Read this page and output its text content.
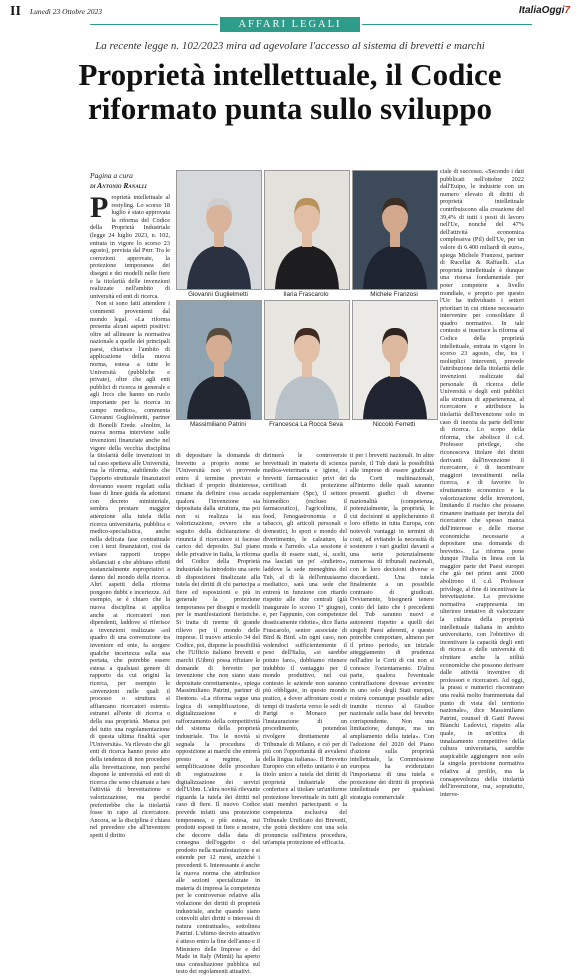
II Lunedì 23 Ottobre 2023	ItaliaOggi7
AFFARI LEGALI
La recente legge n. 102/2023 mira ad agevolare l'accesso al sistema di brevetti e marchi
Proprietà intellettuale, il Codice
riformato punta sullo sviluppo
Pagina a cura
di Antonio Ranalli

Proprietà intellettuale al restyling. Lo scorso 18 luglio è stato approvata la riforma del Codice della Proprietà Industriale (legge 24 luglio 2023, n. 102, entrata in vigore lo scorso 23 agosto), prevista dal Pnrr. Tra le correzioni approvate, la protezione temporanea dei disegni e dei modelli nelle fiere e la titolarità delle invenzioni realizzate nell'ambito di università ed enti di ricerca.

Non si sono fatti attendere i commenti provenienti dal mondo legal. «La riforma presenta alcuni aspetti positivi: oltre ad allineare la normativa nazionale a quelle dei principali paesi, chiarisce l'ambito di applicazione della nuova norma, estesa a tutte le Università (pubbliche e private), oltre che agli enti pubblici di ricerca in generale e agli Irccs che hanno un ruolo importante per la ricerca in campo medico», commenta Giovanni Guglielmetti, partner di Bonelli Erede. «Inoltre, la nuova norma interviene sulle invenzioni finanziate anche nel vigore della vecchia disciplina la titolarità delle invenzioni in tal caso spettava alle Università, ma la riforma, stabilendo che l'apporto strutturale finanziatori dovranno essere regolati sulla base di linee guida da adottarsi con decreto ministeriale, sembra prestare maggior attenzione alla tutela della ricerca universitaria, pubblica e medico-specialistica, anche nella delicata fase contrattuale con i terzi finanziatori, così da evitare rapporti troppo sbilanciati e che abbiano effetti sostanzialmente espropriativi a danno del mondo della ricerca. Altri aspetti della riforma pongono dubbi e incertezze. Ad esempio, se è chiaro che la nuova disciplina si applica anche ai ricercatori non dipendenti, laddove si riferisce a invenzioni realizzate «ed quadro di una convenzione tra inventore ed ente, fa sorgere qualche incertezza sulla sua portata, che potrebbe essere estesa a qualsiasi genere di rapporto da cui origini la ricerca, per esempio le «invenzioni nelle quali il processo o struttura si affiancano ricercatori esterni» estranei all'ente di ricerca o della sua proprietà. Manca poi del tutto una regolamentazione di questa ultima finalità «per l'Università». Va rilevato che gli enti di ricerca hanno preso atto della tendenza di non procedere alla brevettazione, non perché dispone le università ed enti di ricerca che sono chiamate a fare l'attività di brevettazione e valorizzazione, ma perché preferirebbe che la titolarità fosse in capo al ricercatore. Ancora, se la disciplina è chiara nel prevedere che all'inventore spetti il diritto

Giovanni Guglielmetti	Ilaria Frascarolo	Michele Franzosi
Massimiliano Patrini	Francesca La Rocca Seva	Niccolò Ferretti
di depositare la domanda di brevetto a proprio nome se l'Università non vi provvede entro il termine previsto e dichiari il proprio disinteresse, rimane da definire cosa accada qualora l'invenzione sia depositata dalla struttura, ma poi non si realizza la sua valorizzazione, ovvero che a seguito della dichiarazione di rinuncia il ricercatore si facesse carico del deposito. Sul piano delle privative in Italia, la riforma del Codice della Proprietà Industriale ha introdotto una serie di disposizioni finalizzate alla tutela dei diritti di chi partecipa a fiere ed esposizioni e più in generale la protezione temporanea per disegni e modelli per le manifestazioni fieristiche. Si tratta di norme di grande rilievo per il mondo delle imprese. Il nuovo articolo 34 del Codice, poi, dispone la possibilità che l'Ufficio italiano brevetti e marchi (Uibm) possa rifiutare le domande di brevetto per invenzione che non siano state depositate correttamente», spiega Massimiliano Patrini, partner di Dentons. «La riforma segue una logica di semplificazione, di digitalizzazione e di rafforzamento della competitività del sistema della proprietà industriale. Tra le novità si segnala la procedura di opposizione ai marchi che entrerà presto a regime, la semplificazione delle procedure di registrazione e la digitalizzazione dei servizi dell'Uibm. L'altra novità rilevante riguarda la tutela dei diritti nel caso di fiere. Il nuovo Codice prevede infatti una protezione temporanea, e più estesa, sui prodotti esposti in fiere e mostre, che decorre dalla data di consegna dell'oggetto o del prodotto nella manifestazione e si estende per 12 mesi, anziché i precedenti 6. Interessante è anche la nuova norma che attribuisce alle sezioni specializzate in materia di impresa la competenza per le controversie relative alla violazione dei diritti di proprietà industriale, anche quando siano coinvolti altri diritti o interessi di natura contrattuale», sottolinea Patrini. L'ultimo decreto attuativo è atteso entro la fine dell'anno e il Ministero delle Imprese e del Made in Italy (Mimit) ha aperto una consultazione pubblica sul testo dei regolamenti attuativi.
dirimerà le controversie brevettuali in materia di scienza medica-veterinaria e igiene, i brevetti farmaceutici privi dei certificati di protezione supplementare (Spc), il settore biomedico (escluso il farmaceutico), l'agricoltura, il food, l'enogastronomia e il tabacco, gli articoli personali e domestici, lo sport e mondo del divertimento, le calzature, la moda e l'arredo. «La sessione è quella di essere stati, sì, scelti, ma lasciati un po' «indietro», laddove la sede meneghina del Tub, al di là dell'entusiasmo mediatico, sarà una sede che entrerà in funzione con ritardo rispetto alle due centrali (già inaugurate lo scorso 1° giugno), e, per l'appunto, con competenze drasticamente ridotte», dice Ilaria Frascarolo, senior associate di Bird & Bird. «In ogni caso, non vedendoci sufficientemente il peso dell'Italia, «si sarebbe potuto fare», dobbiamo ritenere indubbio il vantaggio per il mondo produttivo, nel cui contesto le aziende non saranno più obbligate, in questo mondo pratico, a dover affrontare costi e tempi di trasferta verso le sedi di Parigi o Monaco per l'instaurazione di un procedimento, potendosi rivolgere direttamente al Tribunale di Milano, e ciò per di più con l'opportunità di avvalersi della lingua italiana». Il Brevetto Europeo con effetto unitario è un titolo unico a tutela dei diritti di proprietà industriale che conferisce al titolare un'uniforme protezione brevettuale in tutti gli stati membri partecipanti e la competenza esclusiva del Tribunale Unificato dei Brevetti, che potrà decidere con una sola pronuncia sull'intera procedura, un'ampia protezione ed efficacia.
ti per i brevetti nazionali. In altre parole, il Tub darà la possibilità alle imprese di essere giudicate da Corti multinazionali, all'interno delle quali saranno presenti giudici di diverse nazionalità (competenza, potenzialmente, la proprietà, le cui decisioni si applicheranno il loro effetto in tutta Europa, con notevoli vantaggi in termini di costi, ed evitando la necessità di sostenere i vari giudizi davanti a una serie potenzialmente numerosa di tribunali nazionali, con le loro decisioni diverse e discordanti. Una tutela finalmente a un possibile contrasto di giudicati. Ovviamente, bisognerà tenere conto del fatto che i precedenti del Tub saranno nuovi e autonomi rispetto a quelli dei singoli Paesi aderenti, e questo potrebbe comportare, almeno per il primo periodo, un iniziale atteggiamento di prudenza nell'adire le Corti di cui non si conosce l'orientamento. D'altra parte, qualora l'eventuale contraffazione dovesse avvenire in uno solo degli Stati europei, resterà comunque possibile adire tramite ricorso al Giudice nazionale sulla base del brevetto corrispondente. Non una limitazione, dunque, ma un ampliamento della tutela». Con l'adozione del 2020 del Piano d'azione sulla proprietà intellettuale, la Commissione europea ha evidenziato l'importanza di una tutela e protezione dei diritti di proprietà intellettuale per qualsiasi strategia commerciale
ciale di successo. «Secondo i dati pubblicati nell'ottobre 2022 dall'Euipo, le industrie con un numero elevato di diritti di proprietà intellettuale contribuiscono alla creazione del 39,4% di tutti i posti di lavoro nell'Ue, nonché del 47% dell'attività economica complessiva (Pil) dell'Ue, per un valore di 6.400 miliardi di euro», spiega Michele Franzosi, partner di Rucellai & Raffaelli. «La proprietà intellettuale è dunque una risorsa fondamentale per poter competere a livello mondiale, e proprio per questo l'Ue ha individuato i settori prioritari in cui ritiene necessario intervenire per consolidare il quadro normativo. In tale contesto si inserisce la riforma al Codice della proprietà intellettuale, entrata in vigore lo scorso 23 agosto, che, tra i molteplici interventi, prevede l'attribuzione della titolarità delle invenzioni realizzate dal personale di ricerca delle Università e degli enti pubblici alla struttura di appartenenza, al ricercatore e attribuisce la titolarità dell'invenzione solo in caso di inerzia da parte dell'ente di ricerca. Lo scopo della riforma, che abolisce il c.d. Professor privilege, che riconosceva titolare dei diritti derivanti dall'invenzione il ricercatore, è di incentivare maggiori investimenti nella ricerca, e di favorire lo sfruttamento economico e la valorizzazione delle invenzioni, limitando il rischio che possano rimanere inattuate per inerzia del ricercatore che spesso manca dell'interesse e delle risorse economiche necessarie a depositare una domanda di brevetto». La riforma pone dunque l'Italia in linea con la maggior parte dei Paesi europei che già nei primi anni 2000 abolirono il c.d. Professor privilege, al fine di incentivare la brevettazione. La previsione normativa «rappresenta un ulteriore tentativo di valorizzare la cultura della proprietà intellettuale italiana in ambito universitario, con l'obiettivo di incentivare la capacità degli enti di ricerca e delle università di sfruttare anche la utilità economiche che possono derivare dalle attività inventive di professori e ricercatori. Ad oggi, la prassi e numerici riscontrano una realtà molto frammentata dal punto di vista del territorio nazionale», dice Massimiliano Patrini, counsel di Gatti Pavesi Bianchi Ludovici, rispetto alla quale, in un'ottica di innalzamento competitivo della cultura universitaria, sarebbe auspicabile aggiungere non solo la singola previsione normativa relativa al profilo, ma la consapevolezza della titolarità dell'invenzione, ma, soprattutto, interve-
